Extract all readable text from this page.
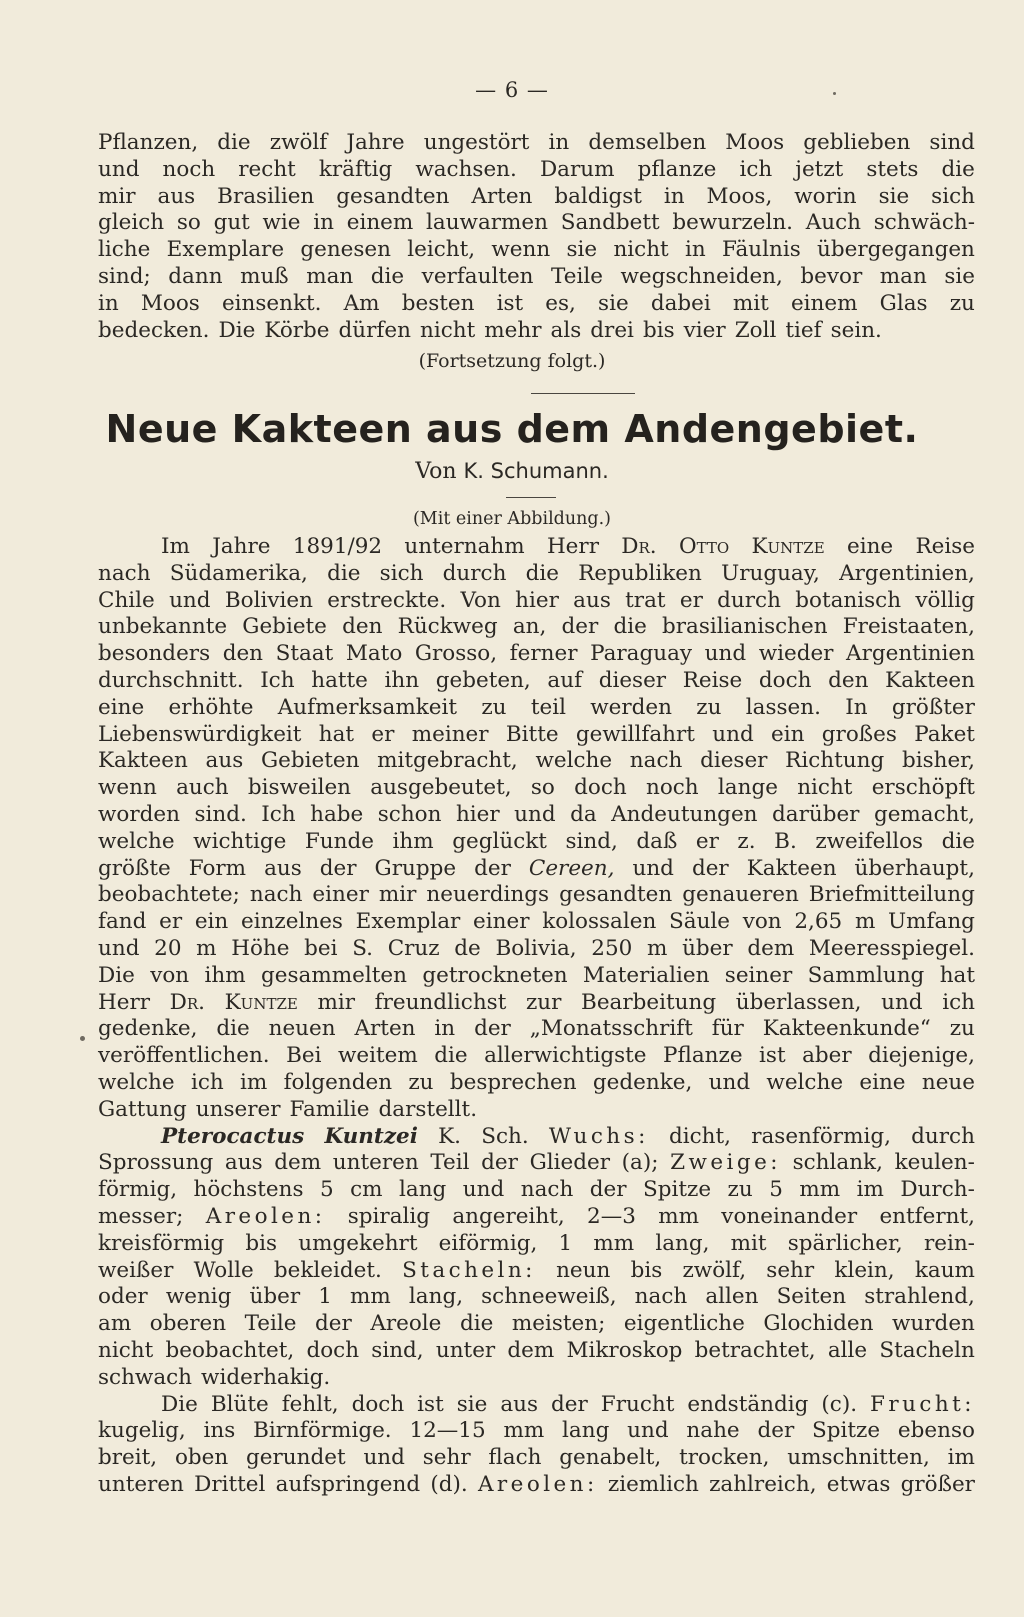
— 6 —
Pflanzen, die zwölf Jahre ungestört in demselben Moos geblieben sind
und noch recht kräftig wachsen. Darum pflanze ich jetzt stets die
mir aus Brasilien gesandten Arten baldigst in Moos, worin sie sich
gleich so gut wie in einem lauwarmen Sandbett bewurzeln. Auch schwäch-
liche Exemplare genesen leicht, wenn sie nicht in Fäulnis übergegangen
sind; dann muß man die verfaulten Teile wegschneiden, bevor man sie
in Moos einsenkt. Am besten ist es, sie dabei mit einem Glas zu
bedecken. Die Körbe dürfen nicht mehr als drei bis vier Zoll tief sein.
(Fortsetzung folgt.)
Neue Kakteen aus dem Andengebiet.
Von K. Schumann.
(Mit einer Abbildung.)
Im Jahre 1891/92 unternahm Herr Dr. Otto Kuntze eine Reise
nach Südamerika, die sich durch die Republiken Uruguay, Argentinien,
Chile und Bolivien erstreckte. Von hier aus trat er durch botanisch völlig
unbekannte Gebiete den Rückweg an, der die brasilianischen Freistaaten,
besonders den Staat Mato Grosso, ferner Paraguay und wieder Argentinien
durchschnitt. Ich hatte ihn gebeten, auf dieser Reise doch den Kakteen
eine erhöhte Aufmerksamkeit zu teil werden zu lassen. In größter
Liebenswürdigkeit hat er meiner Bitte gewillfahrt und ein großes Paket
Kakteen aus Gebieten mitgebracht, welche nach dieser Richtung bisher,
wenn auch bisweilen ausgebeutet, so doch noch lange nicht erschöpft
worden sind. Ich habe schon hier und da Andeutungen darüber gemacht,
welche wichtige Funde ihm geglückt sind, daß er z. B. zweifellos die
größte Form aus der Gruppe der Cereen, und der Kakteen überhaupt,
beobachtete; nach einer mir neuerdings gesandten genaueren Briefmitteilung
fand er ein einzelnes Exemplar einer kolossalen Säule von 2,65 m Umfang
und 20 m Höhe bei S. Cruz de Bolivia, 250 m über dem Meeresspiegel.
Die von ihm gesammelten getrockneten Materialien seiner Sammlung hat
Herr Dr. Kuntze mir freundlichst zur Bearbeitung überlassen, und ich
gedenke, die neuen Arten in der „Monatsschrift für Kakteenkunde“ zu
veröffentlichen. Bei weitem die allerwichtigste Pflanze ist aber diejenige,
welche ich im folgenden zu besprechen gedenke, und welche eine neue
Gattung unserer Familie darstellt.
Pterocactus Kuntzei K. Sch. Wuchs: dicht, rasenförmig, durch
Sprossung aus dem unteren Teil der Glieder (a); Zweige: schlank, keulen-
förmig, höchstens 5 cm lang und nach der Spitze zu 5 mm im Durch-
messer; Areolen: spiralig angereiht, 2—3 mm voneinander entfernt,
kreisförmig bis umgekehrt eiförmig, 1 mm lang, mit spärlicher, rein-
weißer Wolle bekleidet. Stacheln: neun bis zwölf, sehr klein, kaum
oder wenig über 1 mm lang, schneeweiß, nach allen Seiten strahlend,
am oberen Teile der Areole die meisten; eigentliche Glochiden wurden
nicht beobachtet, doch sind, unter dem Mikroskop betrachtet, alle Stacheln
schwach widerhakig.
Die Blüte fehlt, doch ist sie aus der Frucht endständig (c). Frucht:
kugelig, ins Birnförmige. 12—15 mm lang und nahe der Spitze ebenso
breit, oben gerundet und sehr flach genabelt, trocken, umschnitten, im
unteren Drittel aufspringend (d). Areolen: ziemlich zahlreich, etwas größer
